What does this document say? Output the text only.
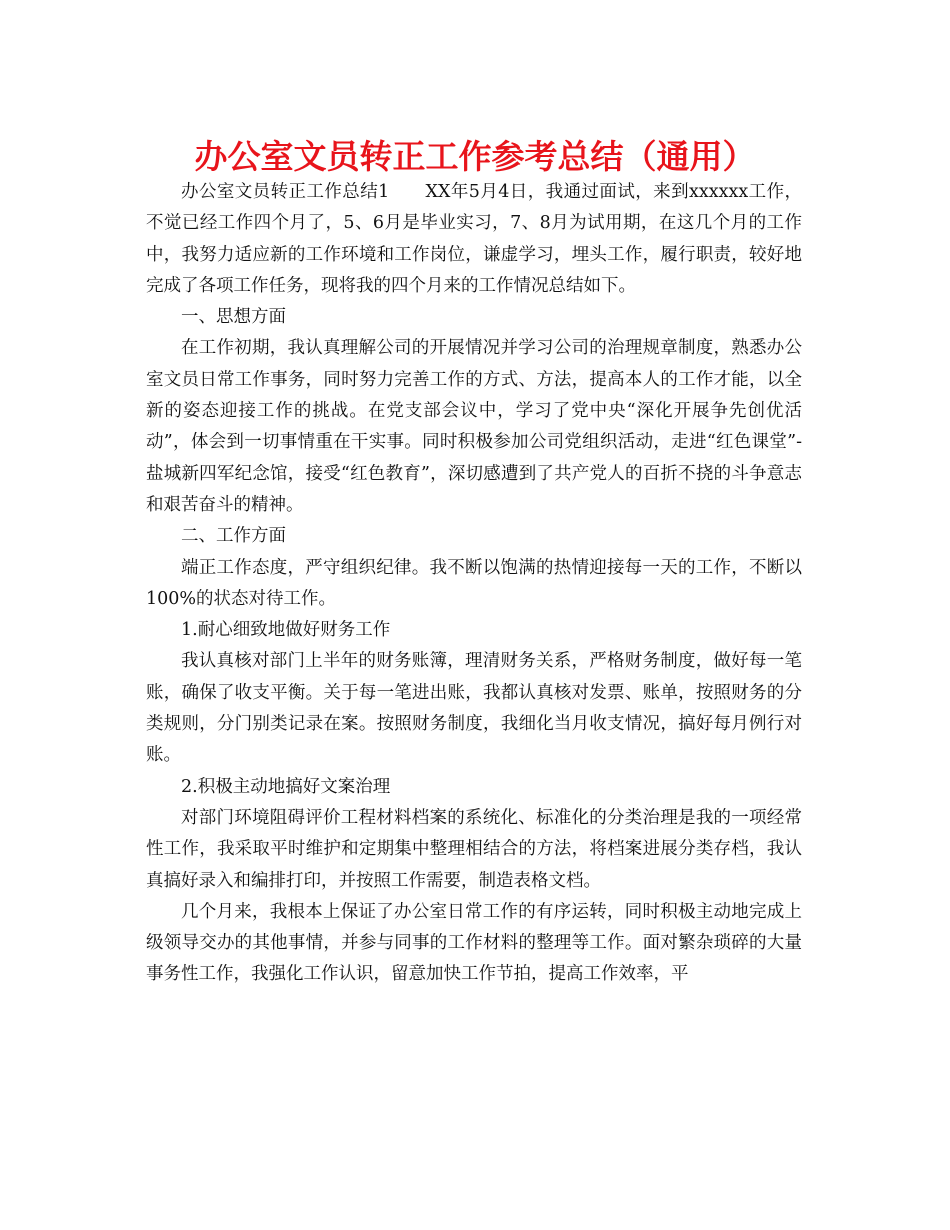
办公室文员转正工作参考总结（通用）

办公室文员转正工作总结1　　XX年5月4日，我通过面试，来到xxxxxx工作，不觉已经工作四个月了，5、6月是毕业实习，7、8月为试用期，在这几个月的工作中，我努力适应新的工作环境和工作岗位，谦虚学习，埋头工作，履行职责，较好地完成了各项工作任务，现将我的四个月来的工作情况总结如下。

一、思想方面

在工作初期，我认真理解公司的开展情况并学习公司的治理规章制度，熟悉办公室文员日常工作事务，同时努力完善工作的方式、方法，提高本人的工作才能，以全新的姿态迎接工作的挑战。在党支部会议中，学习了党中央“深化开展争先创优活动”，体会到一切事情重在干实事。同时积极参加公司党组织活动，走进“红色课堂”-盐城新四军纪念馆，接受“红色教育”，深切感遭到了共产党人的百折不挠的斗争意志和艰苦奋斗的精神。

二、工作方面

端正工作态度，严守组织纪律。我不断以饱满的热情迎接每一天的工作，不断以100%的状态对待工作。

1.耐心细致地做好财务工作

我认真核对部门上半年的财务账簿，理清财务关系，严格财务制度，做好每一笔账，确保了收支平衡。关于每一笔进出账，我都认真核对发票、账单，按照财务的分类规则，分门别类记录在案。按照财务制度，我细化当月收支情况，搞好每月例行对账。

2.积极主动地搞好文案治理

对部门环境阻碍评价工程材料档案的系统化、标准化的分类治理是我的一项经常性工作，我采取平时维护和定期集中整理相结合的方法，将档案进展分类存档，我认真搞好录入和编排打印，并按照工作需要，制造表格文档。

几个月来，我根本上保证了办公室日常工作的有序运转，同时积极主动地完成上级领导交办的其他事情，并参与同事的工作材料的整理等工作。面对繁杂琐碎的大量事务性工作，我强化工作认识，留意加快工作节拍，提高工作效率，平
